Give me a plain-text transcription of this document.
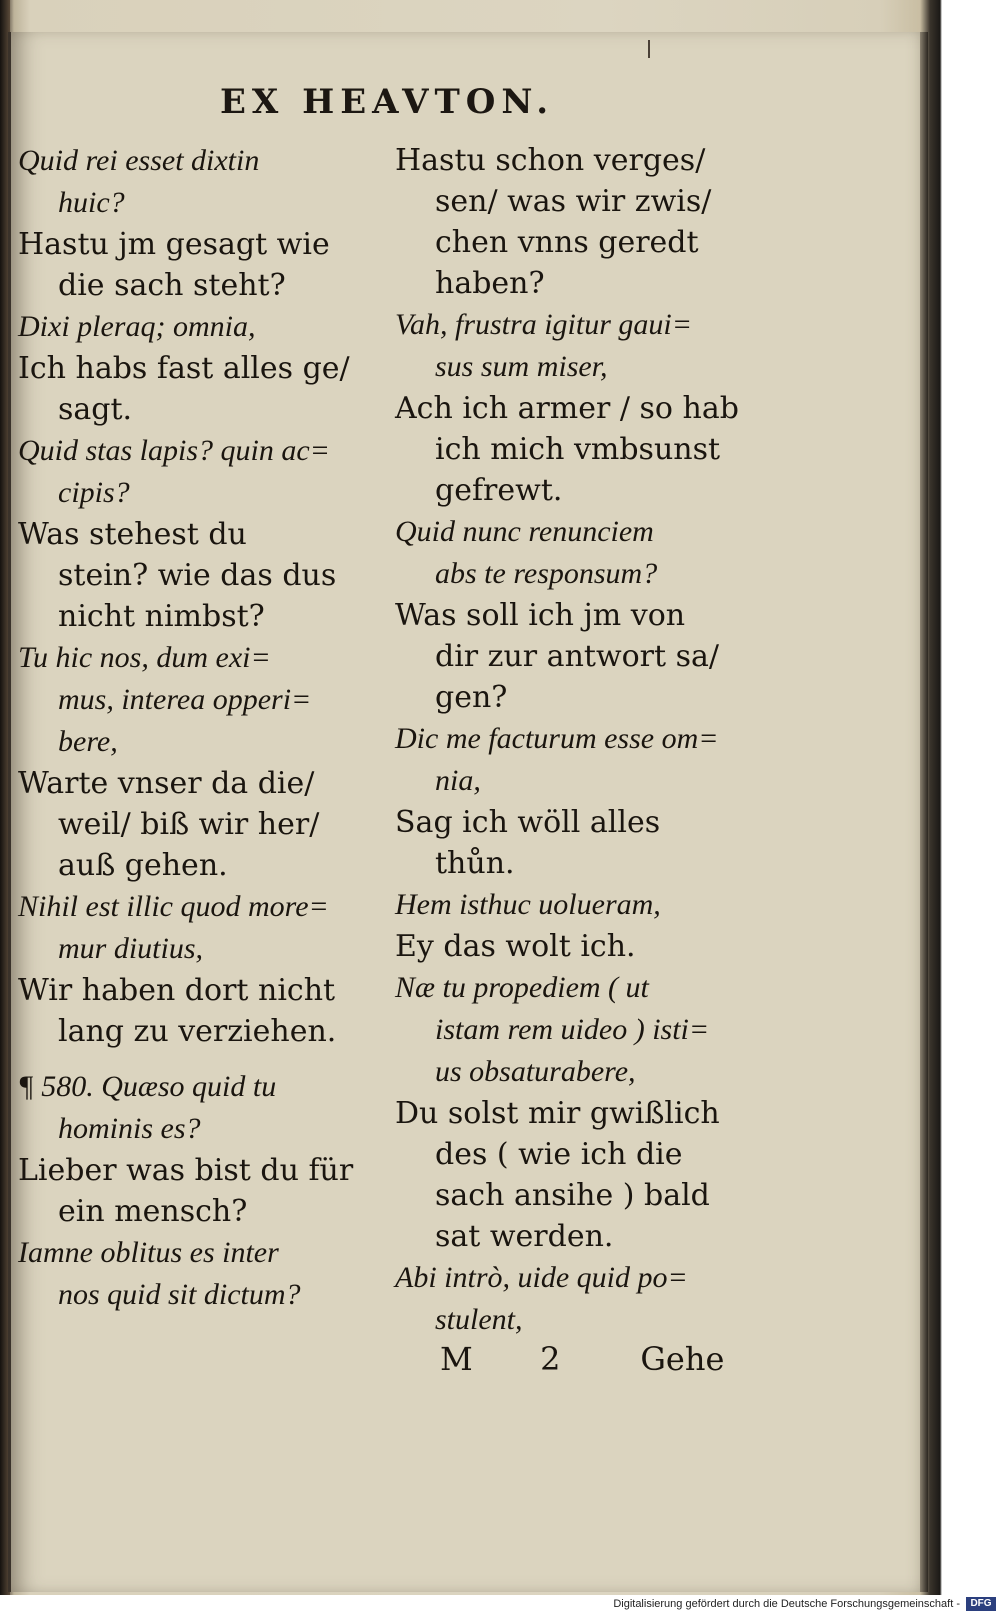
EX HEAVTON.
Quid rei esset dixtin
huic?
Hastu jm gesagt wie
die sach steht?
Dixi pleraq; omnia,
Ich habs fast alles ge/
sagt.
Quid stas lapis? quin ac=
cipis?
Was stehest du
stein? wie das dus
nicht nimbst?
Tu hic nos, dum exi=
mus, interea opperi=
bere,
Warte vnser da die/
weil/ biß wir her/
auß gehen.
Nihil est illic quod more=
mur diutius,
Wir haben dort nicht
lang zu verziehen.
¶ 580. Quæso quid tu
hominis es?
Lieber was bist du für
ein mensch?
Iamne oblitus es inter
nos quid sit dictum?
Hastu schon verges/
sen/ was wir zwis/
chen vnns geredt
haben?
Vah, frustra igitur gaui=
sus sum miser,
Ach ich armer / so hab
ich mich vmbsunst
gefrewt.
Quid nunc renunciem
abs te responsum?
Was soll ich jm von
dir zur antwort sa/
gen?
Dic me facturum esse om=
nia,
Sag ich wöll alles
thůn.
Hem isthuc uolueram,
Ey das wolt ich.
Næ tu propediem ( ut
istam rem uideo ) isti=
us obsaturabere,
Du solst mir gwißlich
des ( wie ich die
sach ansihe ) bald
sat werden.
Abi intrò, uide quid po=
stulent,
M 2 Gehe
Digitalisierung gefördert durch die Deutsche Forschungsgemeinschaft -	DFG
